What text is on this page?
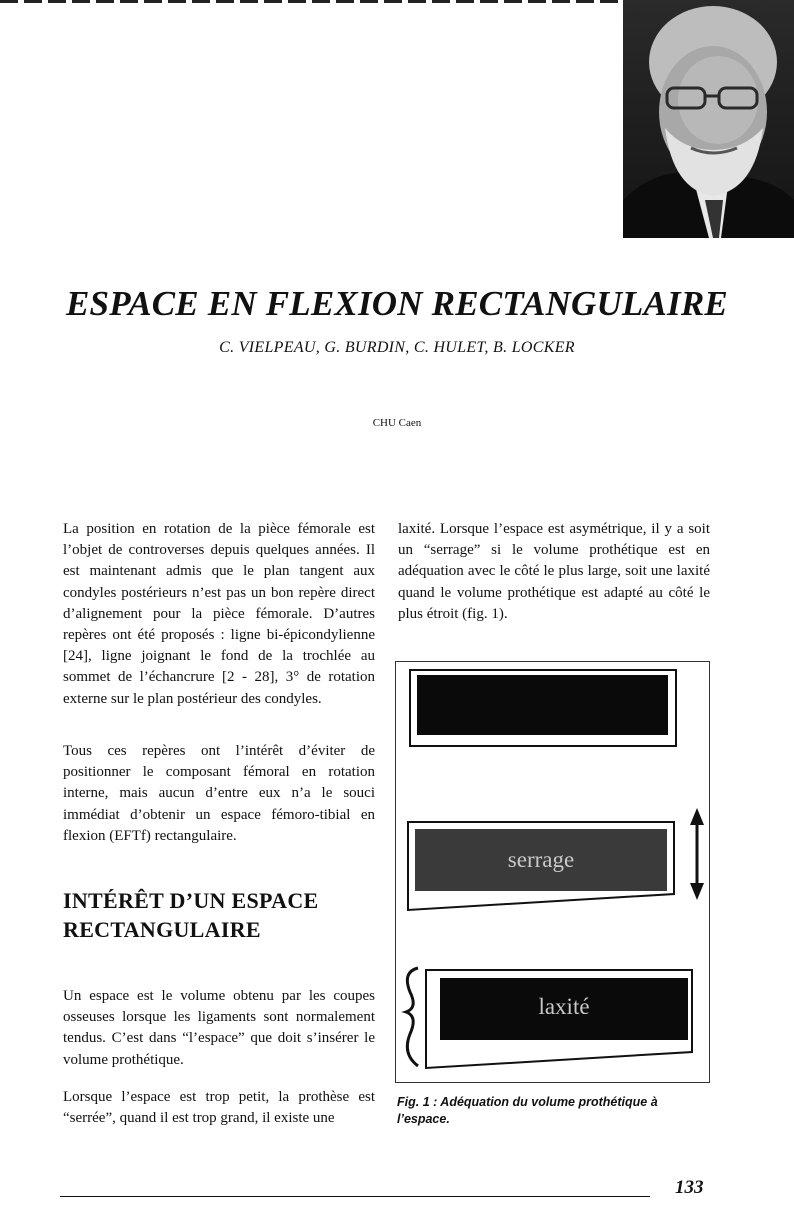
ESPACE EN FLEXION RECTANGULAIRE

C. VIELPEAU, G. BURDIN, C. HULET, B. LOCKER

CHU Caen

La position en rotation de la pièce fémorale est l’objet de controverses depuis quelques années. Il est maintenant admis que le plan tangent aux condyles postérieurs n’est pas un bon repère direct d’alignement pour la pièce fémorale. D’autres repères ont été proposés : ligne bi-épicondylienne [24], ligne joignant le fond de la trochlée au sommet de l’échancrure [2 - 28], 3° de rotation externe sur le plan postérieur des condyles.

Tous ces repères ont l’intérêt d’éviter de positionner le composant fémoral en rotation interne, mais aucun d’entre eux n’a le souci immédiat d’obtenir un espace fémoro-tibial en flexion (EFTf) rectangulaire.

INTÉRÊT D’UN ESPACE RECTANGULAIRE

Un espace est le volume obtenu par les coupes osseuses lorsque les ligaments sont normalement tendus. C’est dans “l’espace” que doit s’insérer le volume prothétique.

Lorsque l’espace est trop petit, la prothèse est “serrée”, quand il est trop grand, il existe une

laxité. Lorsque l’espace est asymétrique, il y a soit un “serrage” si le volume prothétique est en adéquation avec le côté le plus large, soit une laxité quand le volume prothétique est adapté au côté le plus étroit (fig. 1).

serrage
laxité

Fig. 1 : Adéquation du volume prothétique à l’espace.

133
